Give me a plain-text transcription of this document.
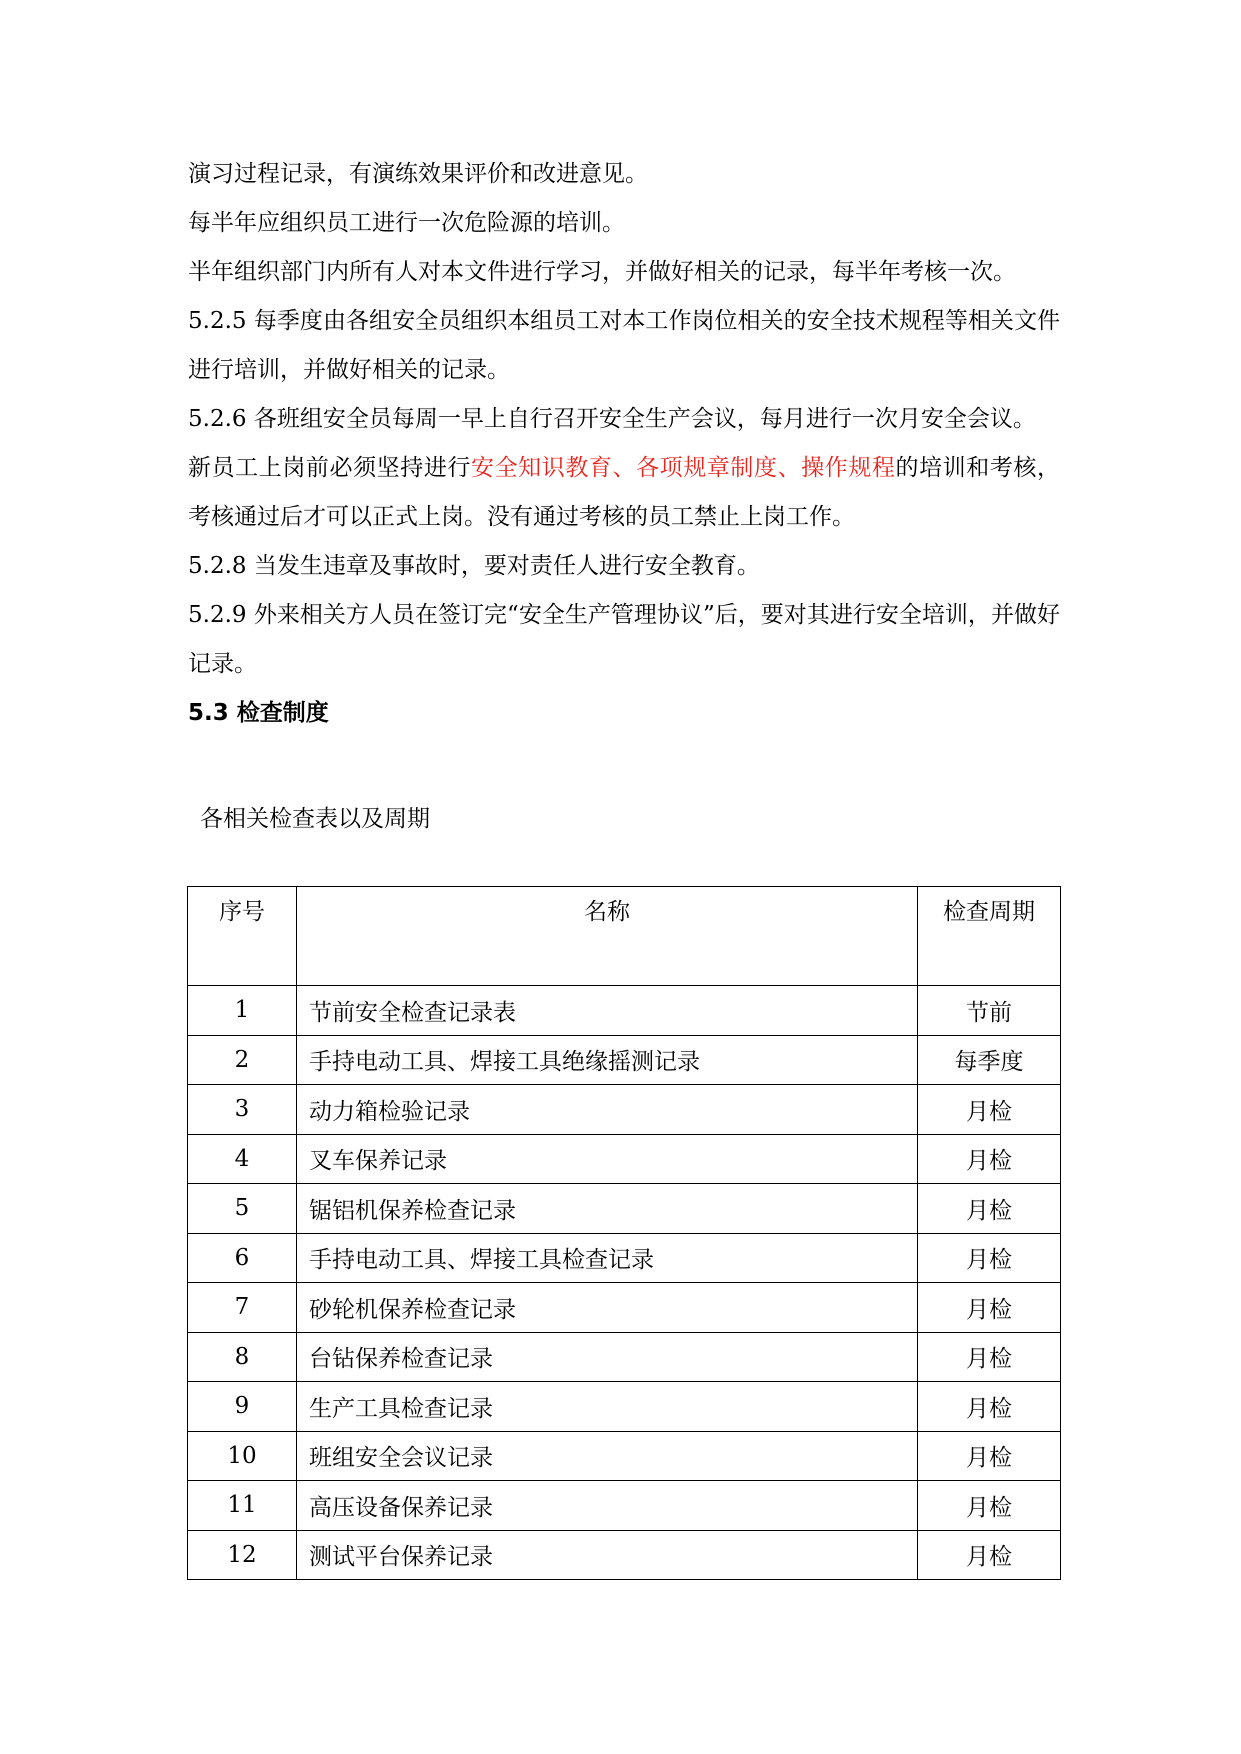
演习过程记录，有演练效果评价和改进意见。

每半年应组织员工进行一次危险源的培训。

半年组织部门内所有人对本文件进行学习，并做好相关的记录，每半年考核一次。

5.2.5 每季度由各组安全员组织本组员工对本工作岗位相关的安全技术规程等相关文件进行培训，并做好相关的记录。

5.2.6 各班组安全员每周一早上自行召开安全生产会议，每月进行一次月安全会议。

新员工上岗前必须坚持进行安全知识教育、各项规章制度、操作规程的培训和考核，考核通过后才可以正式上岗。没有通过考核的员工禁止上岗工作。

5.2.8 当发生违章及事故时，要对责任人进行安全教育。

5.2.9 外来相关方人员在签订完“安全生产管理协议”后，要对其进行安全培训，并做好记录。

5.3 检查制度

各相关检查表以及周期

序号	名称	检查周期
1	节前安全检查记录表	节前
2	手持电动工具、焊接工具绝缘摇测记录	每季度
3	动力箱检验记录	月检
4	叉车保养记录	月检
5	锯铝机保养检查记录	月检
6	手持电动工具、焊接工具检查记录	月检
7	砂轮机保养检查记录	月检
8	台钻保养检查记录	月检
9	生产工具检查记录	月检
10	班组安全会议记录	月检
11	高压设备保养记录	月检
12	测试平台保养记录	月检
